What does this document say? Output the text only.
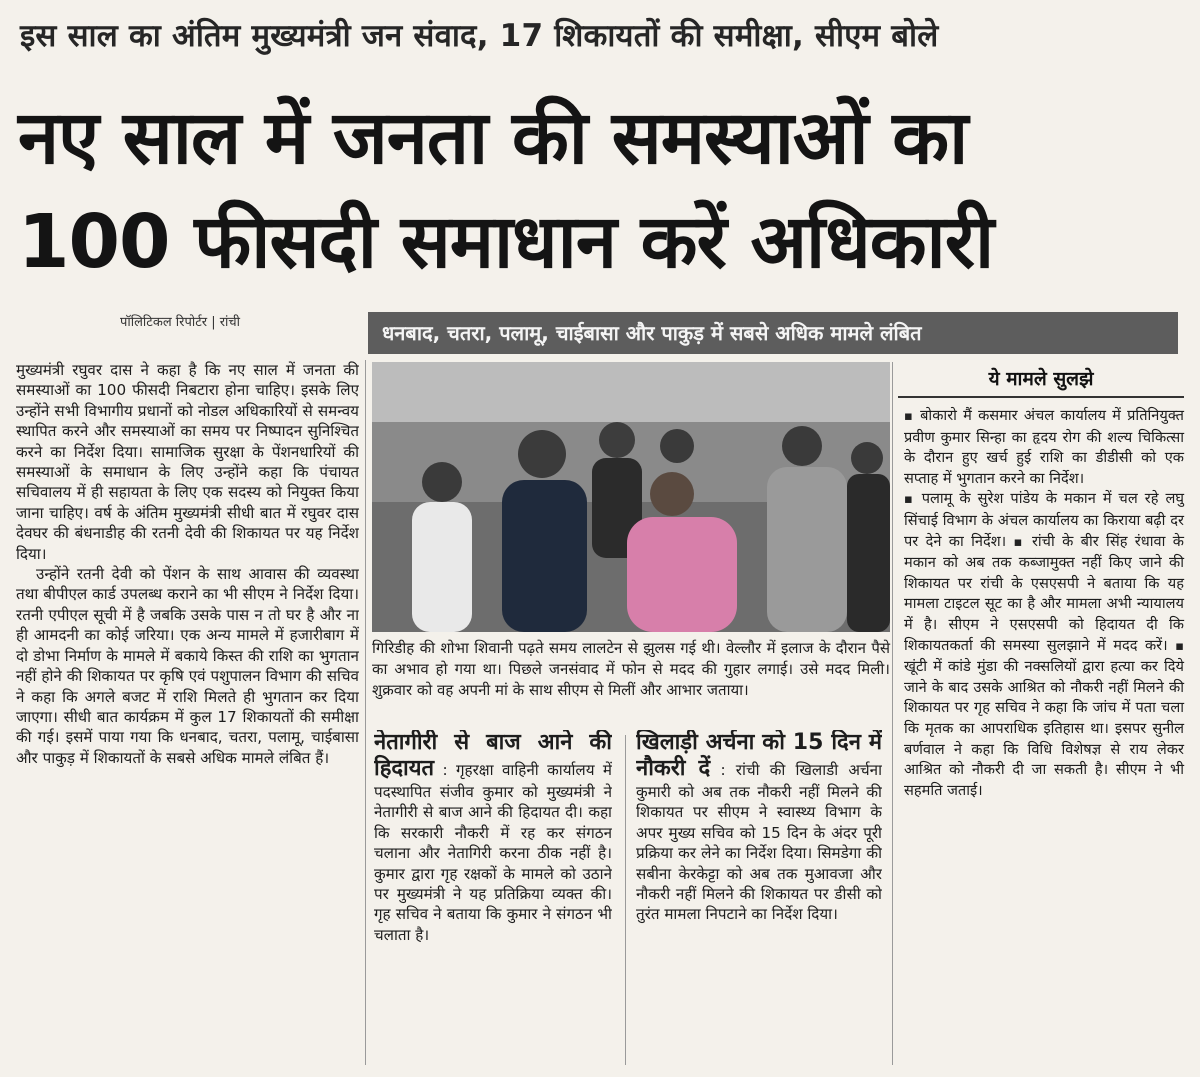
इस साल का अंतिम मुख्यमंत्री जन संवाद, 17 शिकायतों की समीक्षा, सीएम बोले
नए साल में जनता की समस्याओं का
100 फीसदी समाधान करें अधिकारी
पॉलिटिकल रिपोर्टर | रांची	धनबाद, चतरा, पलामू, चाईबासा और पाकुड़ में सबसे अधिक मामले लंबित

मुख्यमंत्री रघुवर दास ने कहा है कि नए साल में जनता की समस्याओं का 100 फीसदी निबटारा होना चाहिए। इसके लिए उन्होंने सभी विभागीय प्रधानों को नोडल अधिकारियों से समन्वय स्थापित करने और समस्याओं का समय पर निष्पादन सुनिश्चित करने का निर्देश दिया। सामाजिक सुरक्षा के पेंशनधारियों की समस्याओं के समाधान के लिए उन्होंने कहा कि पंचायत सचिवालय में ही सहायता के लिए एक सदस्य को नियुक्त किया जाना चाहिए। वर्ष के अंतिम मुख्यमंत्री सीधी बात में रघुवर दास देवघर की बंधनाडीह की रतनी देवी की शिकायत पर यह निर्देश दिया।

उन्होंने रतनी देवी को पेंशन के साथ आवास की व्यवस्था तथा बीपीएल कार्ड उपलब्ध कराने का भी सीएम ने निर्देश दिया। रतनी एपीएल सूची में है जबकि उसके पास न तो घर है और ना ही आमदनी का कोई जरिया। एक अन्य मामले में हजारीबाग में दो डोभा निर्माण के मामले में बकाये किस्त की राशि का भुगतान नहीं होने की शिकायत पर कृषि एवं पशुपालन विभाग की सचिव ने कहा कि अगले बजट में राशि मिलते ही भुगतान कर दिया जाएगा। सीधी बात कार्यक्रम में कुल 17 शिकायतों की समीक्षा की गई। इसमें पाया गया कि धनबाद, चतरा, पलामू, चाईबासा और पाकुड़ में शिकायतों के सबसे अधिक मामले लंबित हैं।

गिरिडीह की शोभा शिवानी पढ़ते समय लालटेन से झुलस गई थी। वेल्लौर में इलाज के दौरान पैसे का अभाव हो गया था। पिछले जनसंवाद में फोन से मदद की गुहार लगाई। उसे मदद मिली। शुक्रवार को वह अपनी मां के साथ सीएम से मिलीं और आभार जताया।
नेतागीरी से बाज आने की हिदायत : गृहरक्षा वाहिनी कार्यालय में पदस्थापित संजीव कुमार को मुख्यमंत्री ने नेतागीरी से बाज आने की हिदायत दी। कहा कि सरकारी नौकरी में रह कर संगठन चलाना और नेतागिरी करना ठीक नहीं है। कुमार द्वारा गृह रक्षकों के मामले को उठाने पर मुख्यमंत्री ने यह प्रतिक्रिया व्यक्त की। गृह सचिव ने बताया कि कुमार ने संगठन भी चलाता है।
खिलाड़ी अर्चना को 15 दिन में नौकरी दें : रांची की खिलाडी अर्चना कुमारी को अब तक नौकरी नहीं मिलने की शिकायत पर सीएम ने स्वास्थ्य विभाग के अपर मुख्य सचिव को 15 दिन के अंदर पूरी प्रक्रिया कर लेने का निर्देश दिया। सिमडेगा की सबीना केरकेट्टा को अब तक मुआवजा और नौकरी नहीं मिलने की शिकायत पर डीसी को तुरंत मामला निपटाने का निर्देश दिया।
ये मामले सुलझे
▪ बोकारो मैं कसमार अंचल कार्यालय में प्रतिनियुक्त प्रवीण कुमार सिन्हा का हृदय रोग की शल्य चिकित्सा के दौरान हुए खर्च हुई राशि का डीडीसी को एक सप्ताह में भुगतान करने का निर्देश।
▪ पलामू के सुरेश पांडेय के मकान में चल रहे लघु सिंचाई विभाग के अंचल कार्यालय का किराया बढ़ी दर पर देने का निर्देश। ▪ रांची के बीर सिंह रंधावा के मकान को अब तक कब्जामुक्त नहीं किए जाने की शिकायत पर रांची के एसएसपी ने बताया कि यह मामला टाइटल सूट का है और मामला अभी न्यायालय में है। सीएम ने एसएसपी को हिदायत दी कि शिकायतकर्ता की समस्या सुलझाने में मदद करें। ▪ खूंटी में कांडे मुंडा की नक्सलियों द्वारा हत्या कर दिये जाने के बाद उसके आश्रित को नौकरी नहीं मिलने की शिकायत पर गृह सचिव ने कहा कि जांच में पता चला कि मृतक का आपराधिक इतिहास था। इसपर सुनील बर्णवाल ने कहा कि विधि विशेषज्ञ से राय लेकर आश्रित को नौकरी दी जा सकती है। सीएम ने भी सहमति जताई।
